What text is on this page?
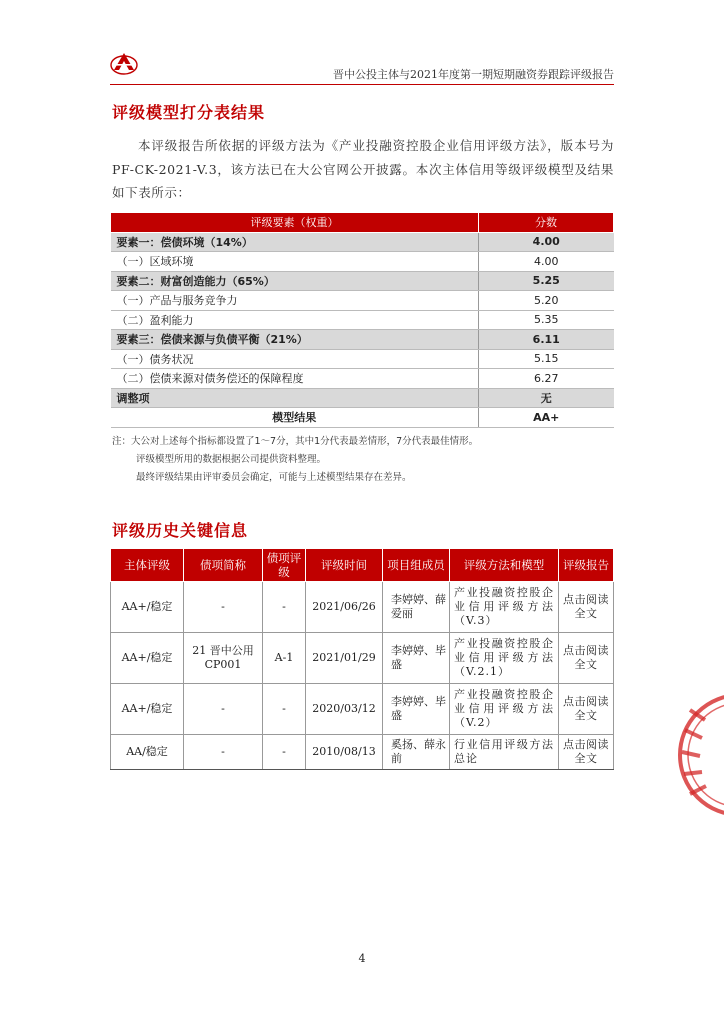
晋中公投主体与2021年度第一期短期融资券跟踪评级报告
评级模型打分表结果
本评级报告所依据的评级方法为《产业投融资控股企业信用评级方法》，版本号为 PF-CK-2021-V.3，该方法已在大公官网公开披露。本次主体信用等级评级模型及结果如下表所示：
评级要素（权重）	分数
要素一：偿债环境（14%）	4.00
（一）区域环境	4.00
要素二：财富创造能力（65%）	5.25
（一）产品与服务竞争力	5.20
（二）盈利能力	5.35
要素三：偿债来源与负债平衡（21%）	6.11
（一）债务状况	5.15
（二）偿债来源对债务偿还的保障程度	6.27
调整项	无
模型结果	AA+
注：大公对上述每个指标都设置了1～7分，其中1分代表最差情形，7分代表最佳情形。
评级模型所用的数据根据公司提供资料整理。
最终评级结果由评审委员会确定，可能与上述模型结果存在差异。
评级历史关键信息
主体评级	债项简称	债项评级	评级时间	项目组成员	评级方法和模型	评级报告
AA+/稳定	-	-	2021/06/26	李婷婷、薛爱丽	产业投融资控股企业信用评级方法（V.3）	点击阅读全文
AA+/稳定	21 晋中公用 CP001	A-1	2021/01/29	李婷婷、毕盛	产业投融资控股企业信用评级方法（V.2.1）	点击阅读全文
AA+/稳定	-	-	2020/03/12	李婷婷、毕盛	产业投融资控股企业信用评级方法（V.2）	点击阅读全文
AA/稳定	-	-	2010/08/13	奚扬、薛永前	行业信用评级方法总论	点击阅读全文
4
